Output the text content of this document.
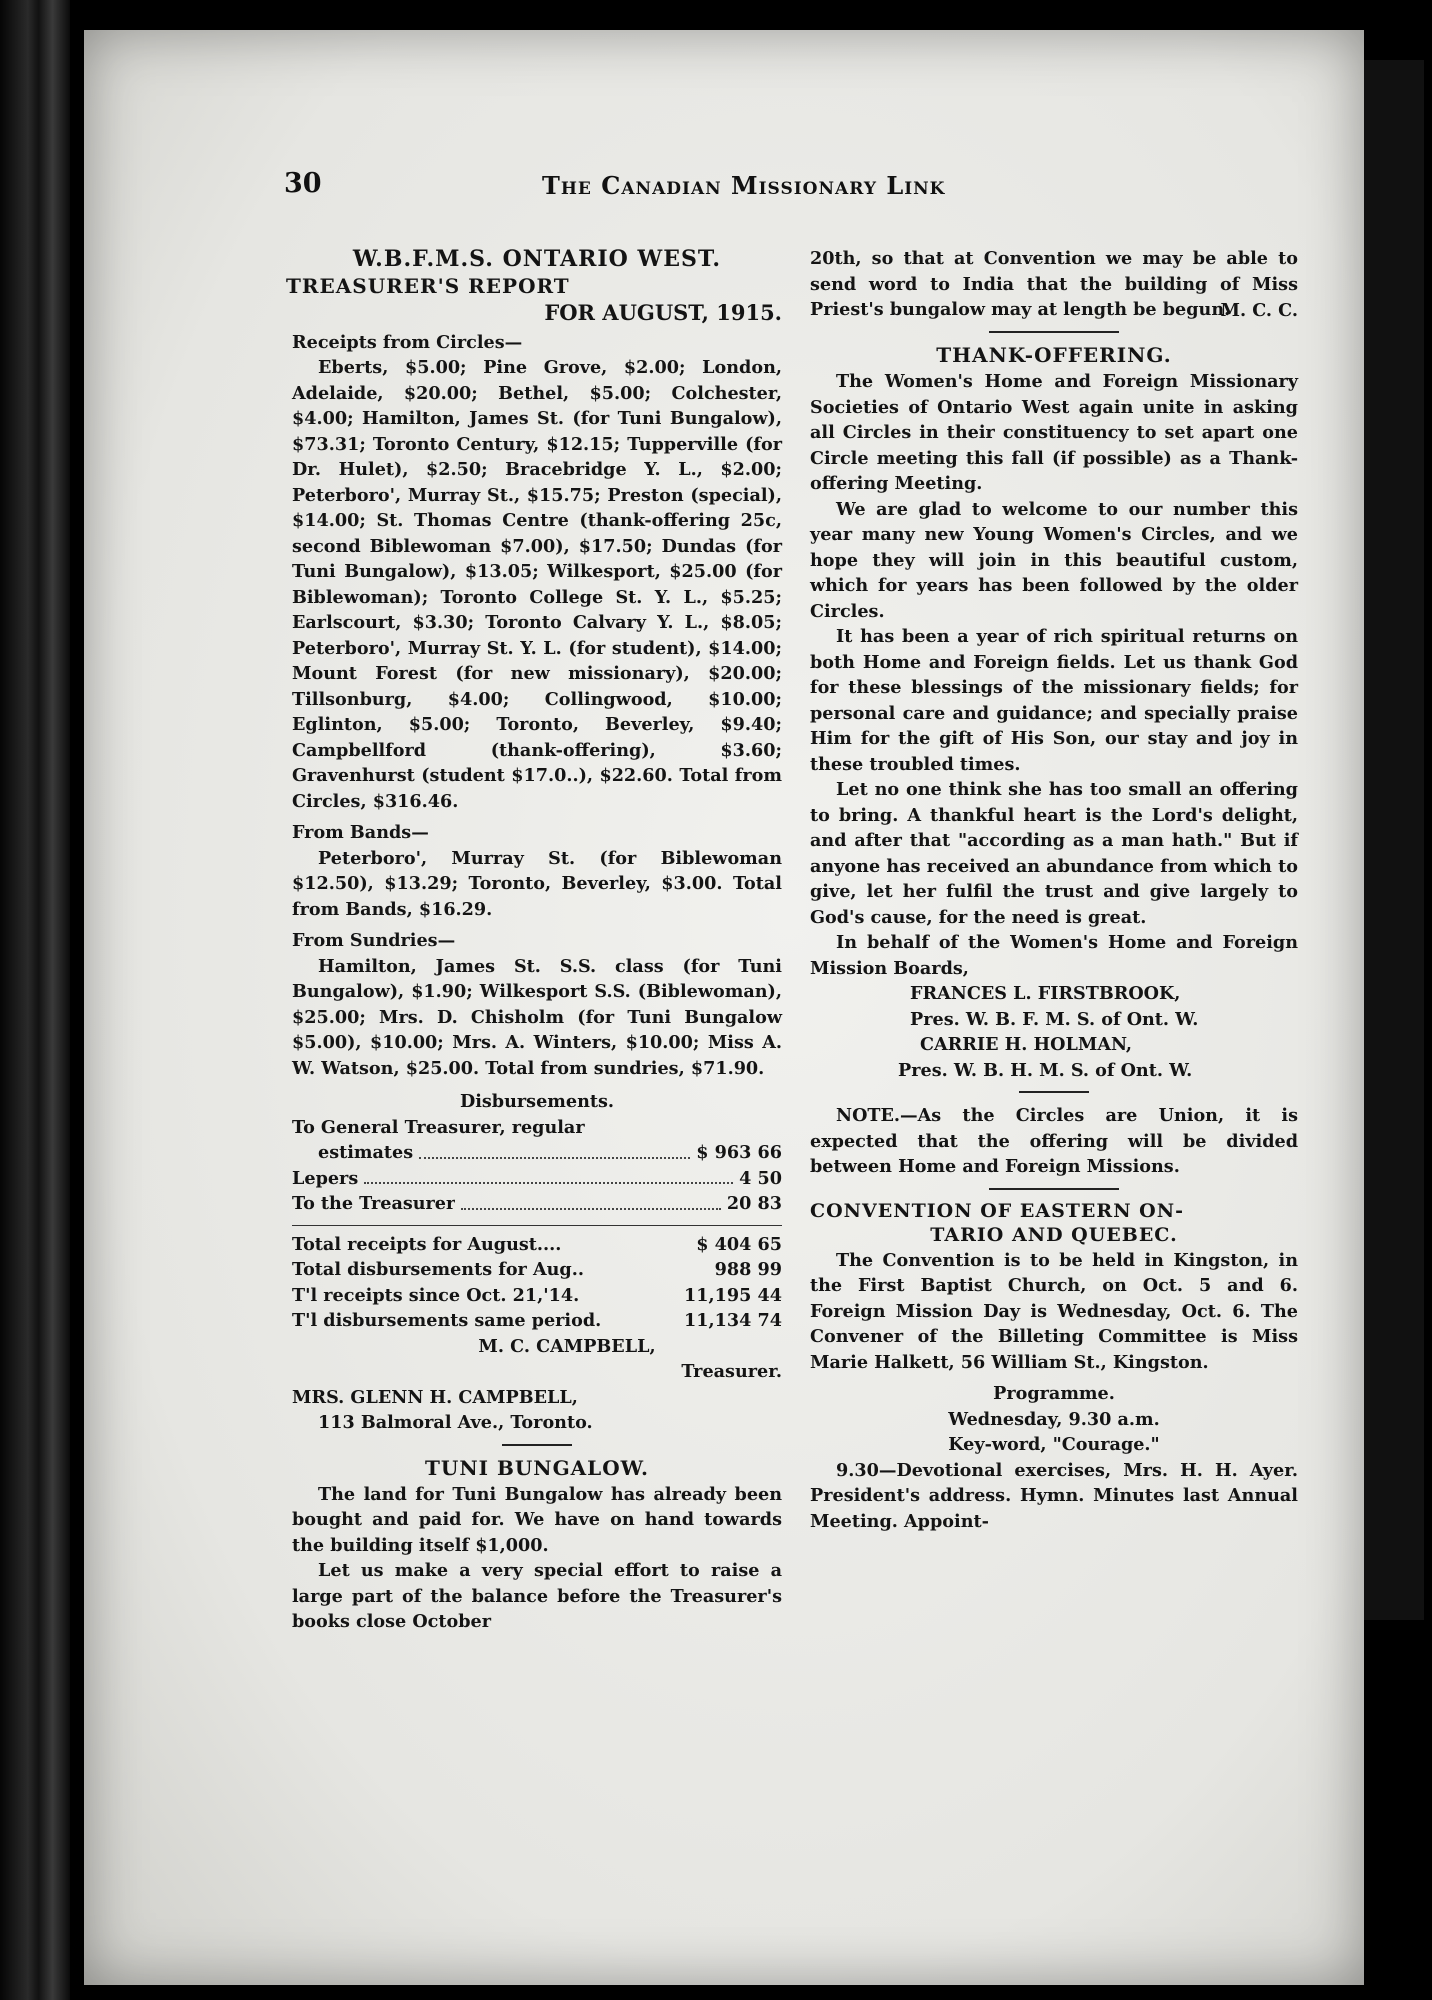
30	The Canadian Missionary Link
W.B.F.M.S. ONTARIO WEST.
TREASURER'S REPORT
FOR AUGUST, 1915.

Receipts from Circles—

Eberts, $5.00; Pine Grove, $2.00; London, Adelaide, $20.00; Bethel, $5.00; Colchester, $4.00; Hamilton, James St. (for Tuni Bungalow), $73.31; Toronto Century, $12.15; Tupperville (for Dr. Hulet), $2.50; Bracebridge Y. L., $2.00; Peterboro', Murray St., $15.75; Preston (special), $14.00; St. Thomas Centre (thank-offering 25c, second Biblewoman $7.00), $17.50; Dundas (for Tuni Bungalow), $13.05; Wilkesport, $25.00 (for Biblewoman); Toronto College St. Y. L., $5.25; Earlscourt, $3.30; Toronto Calvary Y. L., $8.05; Peterboro', Murray St. Y. L. (for student), $14.00; Mount Forest (for new missionary), $20.00; Tillsonburg, $4.00; Collingwood, $10.00; Eglinton, $5.00; Toronto, Beverley, $9.40; Campbellford (thank-offering), $3.60; Gravenhurst (student $17.0..), $22.60. Total from Circles, $316.46.

From Bands—

Peterboro', Murray St. (for Biblewoman $12.50), $13.29; Toronto, Beverley, $3.00. Total from Bands, $16.29.

From Sundries—

Hamilton, James St. S.S. class (for Tuni Bungalow), $1.90; Wilkesport S.S. (Biblewoman), $25.00; Mrs. D. Chisholm (for Tuni Bungalow $5.00), $10.00; Mrs. A. Winters, $10.00; Miss A. W. Watson, $25.00. Total from sundries, $71.90.

Disbursements.
To General Treasurer, regular
estimates	$ 963 66
Lepers	4 50
To the Treasurer	20 83
Total receipts for August....	$ 404 65
Total disbursements for Aug..	988 99
T'l receipts since Oct. 21,'14.	11,195 44
T'l disbursements same period.	11,134 74
M. C. CAMPBELL,
Treasurer.

MRS. GLENN H. CAMPBELL,

113 Balmoral Ave., Toronto.

TUNI BUNGALOW.

The land for Tuni Bungalow has already been bought and paid for. We have on hand towards the building itself $1,000.

Let us make a very special effort to raise a large part of the balance before the Treasurer's books close October

20th, so that at Convention we may be able to send word to India that the building of Miss Priest's bungalow may at length be begun.

M. C. C.
THANK-OFFERING.

The Women's Home and Foreign Missionary Societies of Ontario West again unite in asking all Circles in their constituency to set apart one Circle meeting this fall (if possible) as a Thank-offering Meeting.

We are glad to welcome to our number this year many new Young Women's Circles, and we hope they will join in this beautiful custom, which for years has been followed by the older Circles.

It has been a year of rich spiritual returns on both Home and Foreign fields. Let us thank God for these blessings of the missionary fields; for personal care and guidance; and specially praise Him for the gift of His Son, our stay and joy in these troubled times.

Let no one think she has too small an offering to bring. A thankful heart is the Lord's delight, and after that "according as a man hath." But if anyone has received an abundance from which to give, let her fulfil the trust and give largely to God's cause, for the need is great.

In behalf of the Women's Home and Foreign Mission Boards,

FRANCES L. FIRSTBROOK,

Pres. W. B. F. M. S. of Ont. W.

CARRIE H. HOLMAN,

Pres. W. B. H. M. S. of Ont. W.

NOTE.—As the Circles are Union, it is expected that the offering will be divided between Home and Foreign Missions.

CONVENTION OF EASTERN ON-
TARIO AND QUEBEC.

The Convention is to be held in Kingston, in the First Baptist Church, on Oct. 5 and 6. Foreign Mission Day is Wednesday, Oct. 6. The Convener of the Billeting Committee is Miss Marie Halkett, 56 William St., Kingston.

Programme.
Wednesday, 9.30 a.m.
Key-word, "Courage."

9.30—Devotional exercises, Mrs. H. H. Ayer. President's address. Hymn. Minutes last Annual Meeting. Appoint-
